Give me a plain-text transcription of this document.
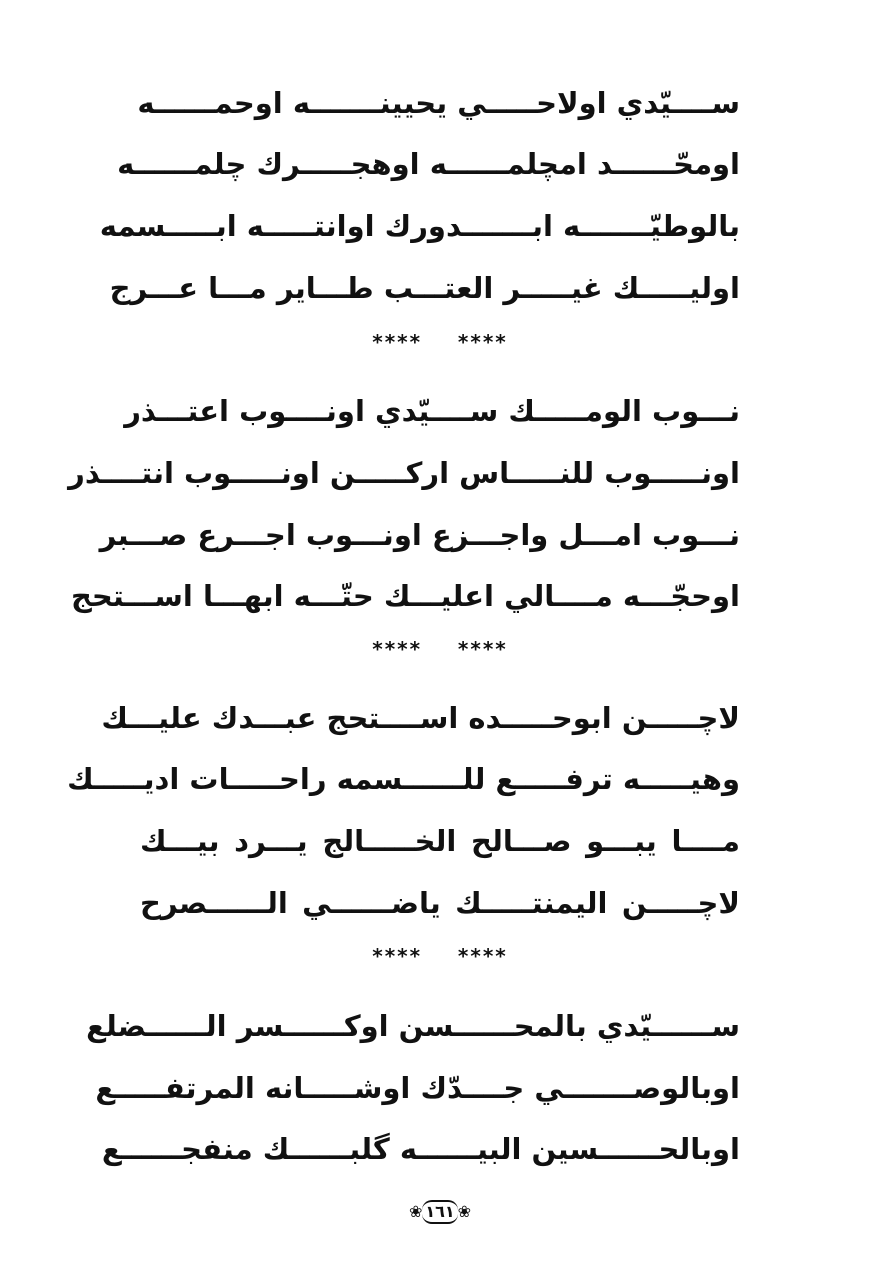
ســــيّدي اولاحـــــي يحيينـــــــه اوحمــــــه
اومحّــــــد امچلمــــــه اوهجـــــرك چلمــــــه
بالوطيّـــــــه ابـــــــدورك اوانتـــــه ابـــــسمه
اوليـــــك غيـــــر العتـــب طـــاير مـــا عـــرج
****    ****
نـــوب الومـــــك ســــيّدي اونــــوب اعتـــذر
اونـــــوب للنـــــاس اركـــــن اونـــــوب انتــــذر
نـــوب امـــل واجـــزع اونـــوب اجـــرع صـــبر
اوحجّـــه مــــالي اعليـــك حتّـــه ابهـــا اســـتحج
****    ****
لاچـــــن ابوحـــــده اســــتحج عبـــدك عليـــك
وهيـــــه ترفـــــع للــــــسمه راحـــــات اديـــــك
مــــا يبـــو صـــالح الخـــــالج يـــرد بيـــك
لاچـــــن اليمنتـــــك ياضــــــي الــــــصرح
****    ****
ســــــيّدي بالمحــــــسن اوكــــــسر الــــــضلع
اوبالوصـــــــي جــــدّك اوشـــــانه المرتفـــــع
اوبالحــــــسين البيــــــه گلبــــــك منفجــــــع
❀ ١٦١ ❀
